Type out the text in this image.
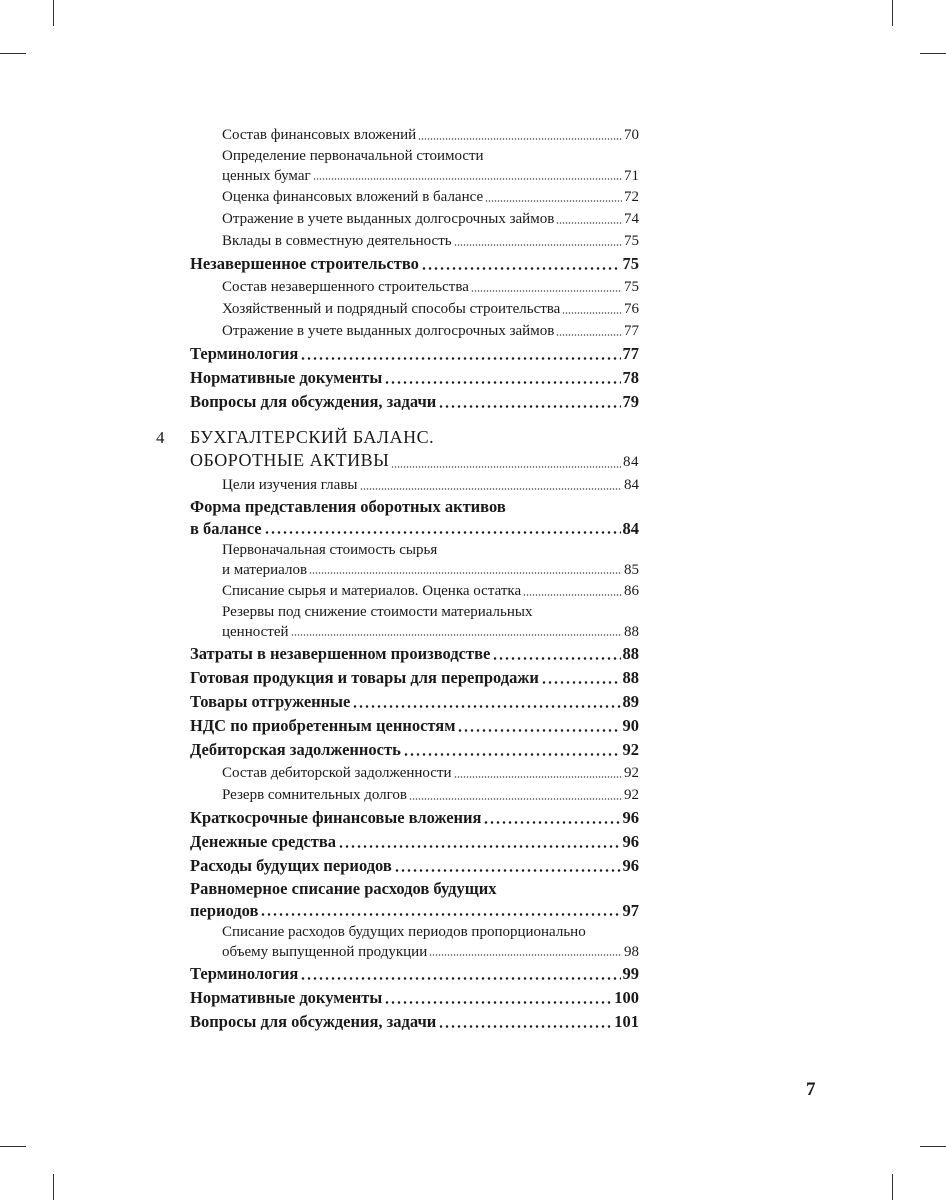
Состав финансовых вложений	70
Определение первоначальной стоимости
ценных бумаг	71
Оценка финансовых вложений в балансе	72
Отражение в учете выданных долгосрочных займов	74
Вклады в совместную деятельность	75
Незавершенное строительство	75
Состав незавершенного строительства	75
Хозяйственный и подрядный способы строительства	76
Отражение в учете выданных долгосрочных займов	77
Терминология	77
Нормативные документы	78
Вопросы для обсуждения, задачи	79
4 БУХГАЛТЕРСКИЙ БАЛАНС.
ОБОРОТНЫЕ АКТИВЫ	84
Цели изучения главы	84
Форма представления оборотных активов
в балансе	84
Первоначальная стоимость сырья
и материалов	85
Списание сырья и материалов. Оценка остатка	86
Резервы под снижение стоимости материальных
ценностей	88
Затраты в незавершенном производстве	88
Готовая продукция и товары для перепродажи	88
Товары отгруженные	89
НДС по приобретенным ценностям	90
Дебиторская задолженность	92
Состав дебиторской задолженности	92
Резерв сомнительных долгов	92
Краткосрочные финансовые вложения	96
Денежные средства	96
Расходы будущих периодов	96
Равномерное списание расходов будущих
периодов	97
Списание расходов будущих периодов пропорционально
объему выпущенной продукции	98
Терминология	99
Нормативные документы	100
Вопросы для обсуждения, задачи	101
7
